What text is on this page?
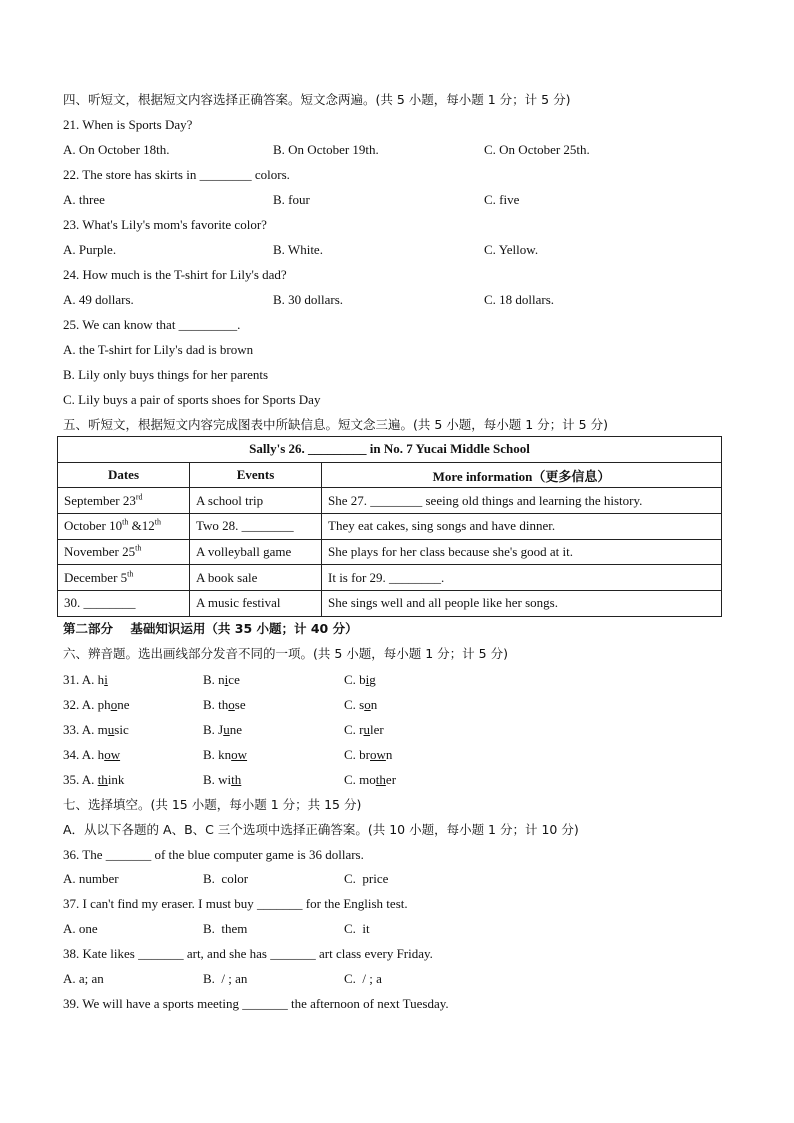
四、听短文，根据短文内容选择正确答案。短文念两遍。(共 5 小题，每小题 1 分；计 5 分)
21. When is Sports Day?
A. On October 18th.	B. On October 19th.	C. On October 25th.
22. The store has skirts in ________ colors.
A. three	B. four	C. five
23. What's Lily's mom's favorite color?
A. Purple.	B. White.	C. Yellow.
24. How much is the T-shirt for Lily's dad?
A. 49 dollars.	B. 30 dollars.	C. 18 dollars.
25. We can know that _________.
A. the T-shirt for Lily's dad is brown
B. Lily only buys things for her parents
C. Lily buys a pair of sports shoes for Sports Day
五、听短文，根据短文内容完成图表中所缺信息。短文念三遍。(共 5 小题，每小题 1 分；计 5 分)
Sally's 26. _________ in No. 7 Yucai Middle School		
Dates	Events	More information（更多信息）
September 23rd	A school trip	She 27. ________ seeing old things and learning the history.
October 10th &12th	Two 28. ________	They eat cakes, sing songs and have dinner.
November 25th	A volleyball game	She plays for her class because she's good at it.
December 5th	A book sale	It is for 29. ________.
30. ________	A music festival	She sings well and all people like her songs.
第二部分    基础知识运用（共 35 小题；计 40 分）
六、辨音题。选出画线部分发音不同的一项。(共 5 小题，每小题 1 分；计 5 分)
31. A. hi	B. nice	C. big
32. A. phone	B. those	C. son
33. A. music	B. June	C. ruler
34. A. how	B. know	C. brown
35. A. think	B. with	C. mother
七、选择填空。(共 15 小题，每小题 1 分；共 15 分)
A．从以下各题的 A、B、C 三个选项中选择正确答案。(共 10 小题，每小题 1 分；计 10 分)
36. The _______ of the blue computer game is 36 dollars.
A. number	B.  color	C.  price
37. I can't find my eraser. I must buy _______ for the English test.
A. one	B.  them	C.  it
38. Kate likes _______ art, and she has _______ art class every Friday.
A. a; an	B.  / ; an	C.  / ; a
39. We will have a sports meeting _______ the afternoon of next Tuesday.
